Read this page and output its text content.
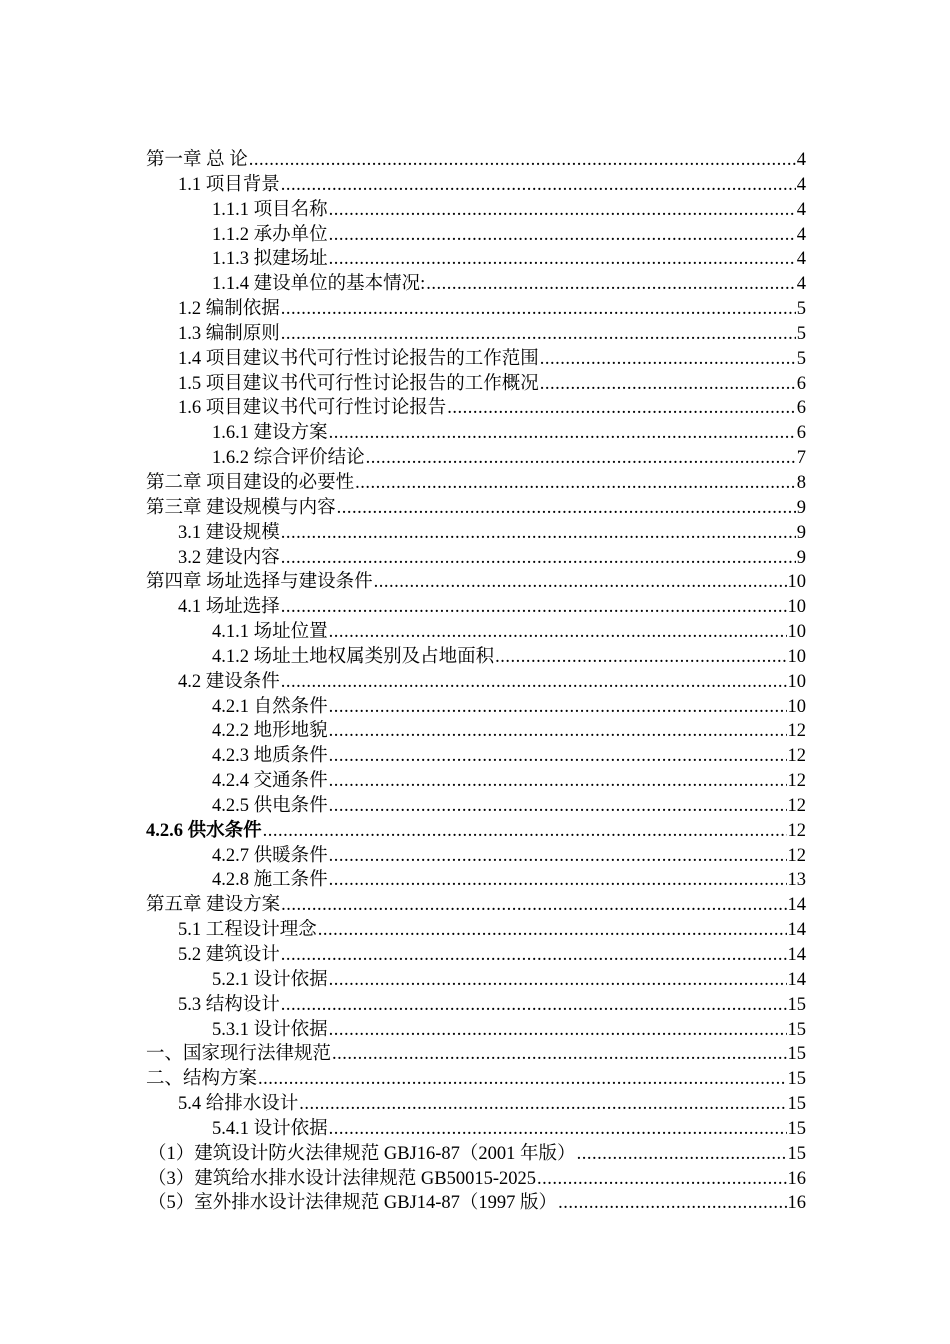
第一章 总 论 .....	4
1.1 项目背景 .....	4
1.1.1 项目名称 .....	4
1.1.2 承办单位 .....	4
1.1.3 拟建场址 .....	4
1.1.4 建设单位的基本情况: .....	4
1.2 编制依据 .....	5
1.3 编制原则 .....	5
1.4 项目建议书代可行性讨论报告的工作范围 .....	5
1.5 项目建议书代可行性讨论报告的工作概况 .....	6
1.6 项目建议书代可行性讨论报告 .....	6
1.6.1 建设方案 .....	6
1.6.2 综合评价结论 .....	7
第二章 项目建设的必要性 .....	8
第三章 建设规模与内容 .....	9
3.1 建设规模 .....	9
3.2 建设内容 .....	9
第四章 场址选择与建设条件 .....	10
4.1 场址选择 .....	10
4.1.1 场址位置 .....	10
4.1.2 场址土地权属类别及占地面积 .....	10
4.2 建设条件 .....	10
4.2.1 自然条件 .....	10
4.2.2 地形地貌 .....	12
4.2.3 地质条件 .....	12
4.2.4 交通条件 .....	12
4.2.5 供电条件 .....	12
4.2.6 供水条件 .....	12
4.2.7 供暖条件 .....	12
4.2.8 施工条件 .....	13
第五章 建设方案 .....	14
5.1 工程设计理念 .....	14
5.2 建筑设计 .....	14
5.2.1 设计依据 .....	14
5.3 结构设计 .....	15
5.3.1 设计依据 .....	15
一、国家现行法律规范 .....	15
二、结构方案 .....	15
5.4 给排水设计 .....	15
5.4.1 设计依据 .....	15
（1）建筑设计防火法律规范 GBJ16-87（2001 年版） .....	15
（3）建筑给水排水设计法律规范 GB50015-2025 .....	16
（5）室外排水设计法律规范 GBJ14-87（1997 版） .....	16
